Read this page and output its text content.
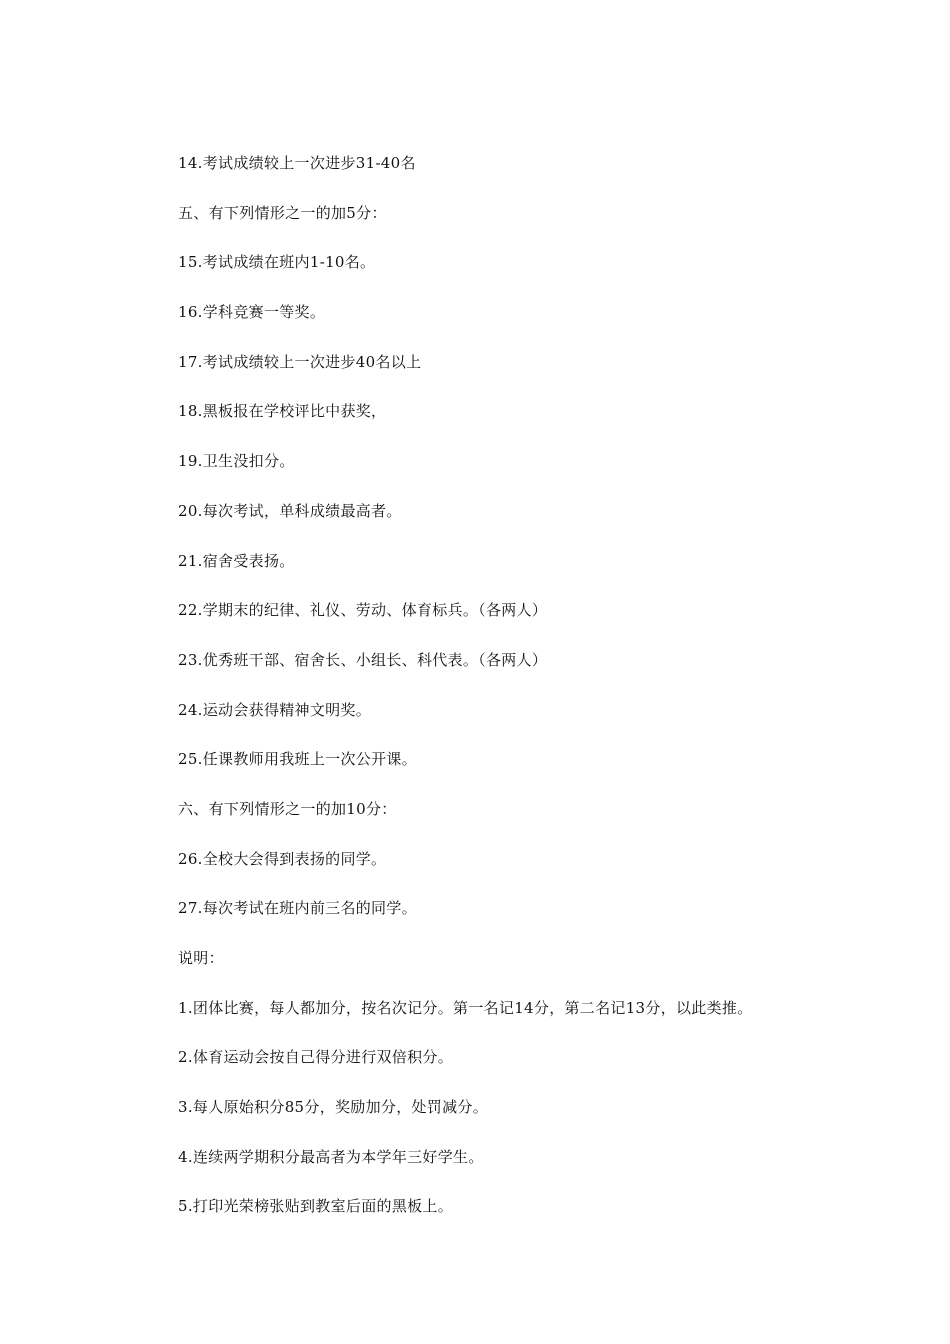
14.考试成绩较上一次进步31-40名
五、有下列情形之一的加5分：
15.考试成绩在班内1-10名。
16.学科竞赛一等奖。
17.考试成绩较上一次进步40名以上
18.黑板报在学校评比中获奖，
19.卫生没扣分。
20.每次考试，单科成绩最高者。
21.宿舍受表扬。
22.学期末的纪律、礼仪、劳动、体育标兵。（各两人）
23.优秀班干部、宿舍长、小组长、科代表。（各两人）
24.运动会获得精神文明奖。
25.任课教师用我班上一次公开课。
六、有下列情形之一的加10分：
26.全校大会得到表扬的同学。
27.每次考试在班内前三名的同学。
说明：
1.团体比赛，每人都加分，按名次记分。第一名记14分，第二名记13分，以此类推。
2.体育运动会按自己得分进行双倍积分。
3.每人原始积分85分，奖励加分，处罚减分。
4.连续两学期积分最高者为本学年三好学生。
5.打印光荣榜张贴到教室后面的黑板上。
